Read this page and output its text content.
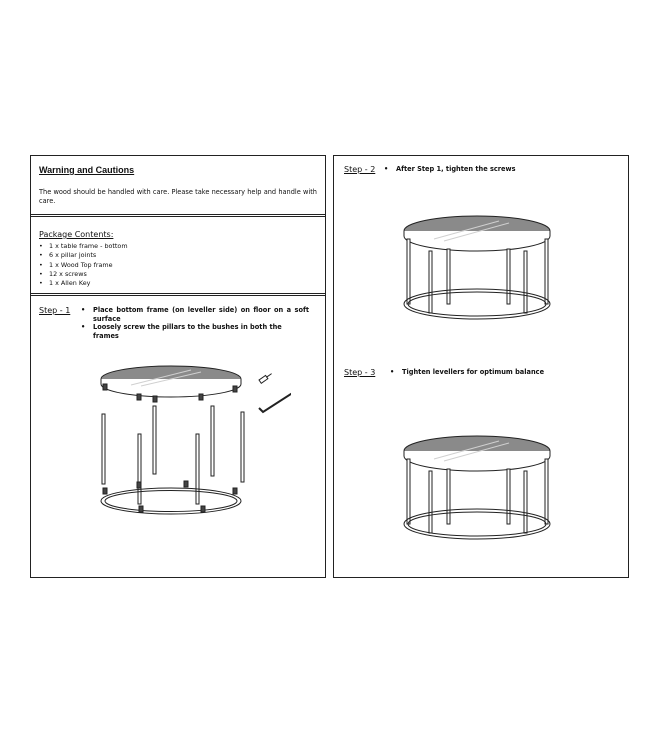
Warning and Cautions
The wood should be handled with care. Please take necessary help and handle with care.
Package Contents:
• 1 x table frame - bottom
• 6 x pillar joints
• 1 x Wood Top frame
• 12 x screws
• 1 x Allen Key
Step - 1	• Place bottom frame (on leveller side) on floor on a soft surface
• Loosely screw the pillars to the bushes in both the frames
Step - 2	• After Step 1, tighten the screws
Step - 3	• Tighten levellers for optimum balance
